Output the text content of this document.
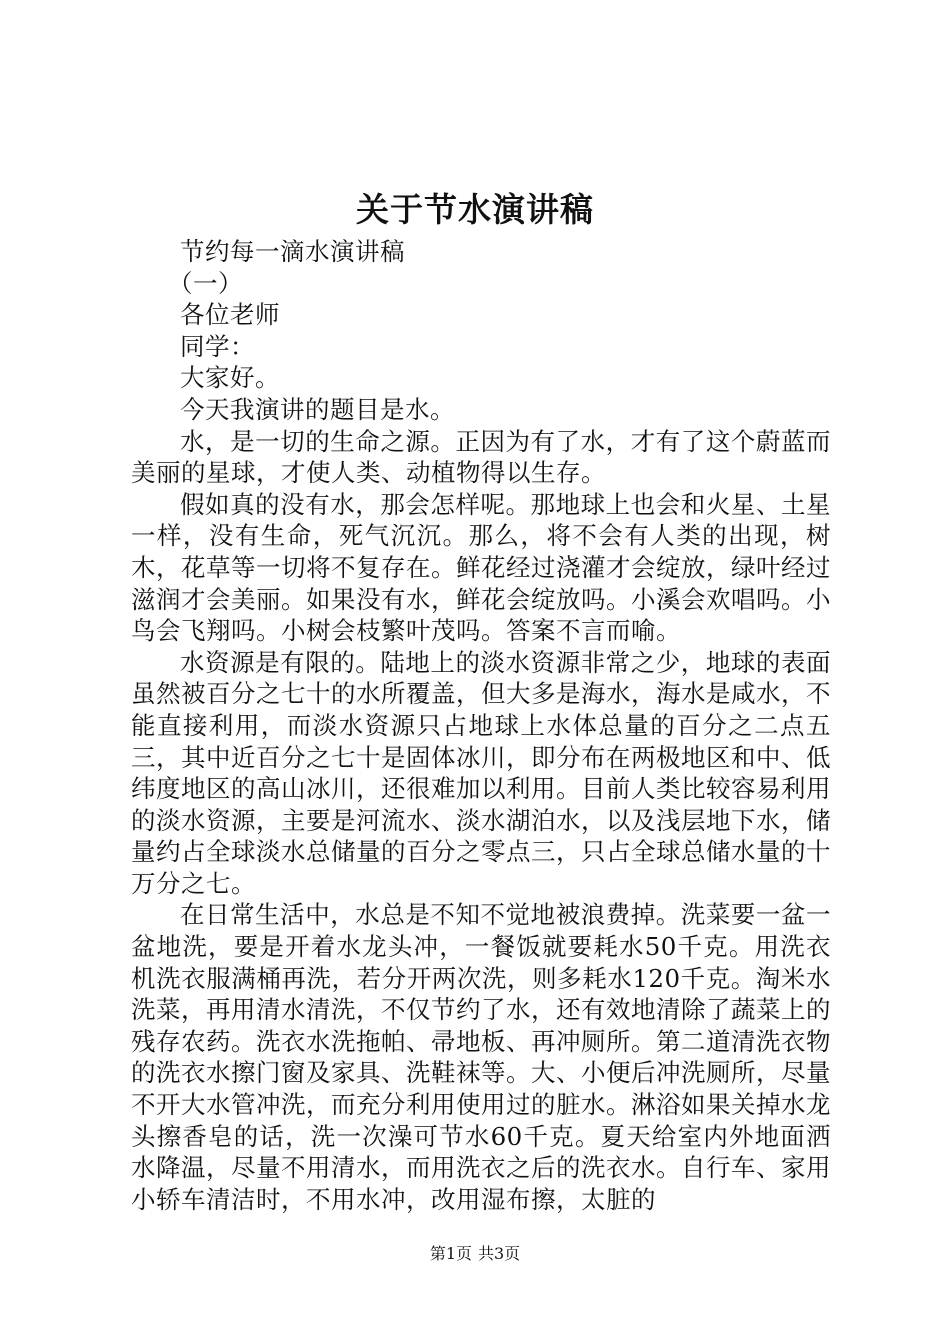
关于节水演讲稿
节约每一滴水演讲稿
（一）
各位老师
同学：
大家好。
今天我演讲的题目是水。
水，是一切的生命之源。正因为有了水，才有了这个蔚蓝而美丽的星球，才使人类、动植物得以生存。
假如真的没有水，那会怎样呢。那地球上也会和火星、土星一样，没有生命，死气沉沉。那么，将不会有人类的出现，树木，花草等一切将不复存在。鲜花经过浇灌才会绽放，绿叶经过滋润才会美丽。如果没有水，鲜花会绽放吗。小溪会欢唱吗。小鸟会飞翔吗。小树会枝繁叶茂吗。答案不言而喻。
水资源是有限的。陆地上的淡水资源非常之少，地球的表面虽然被百分之七十的水所覆盖，但大多是海水，海水是咸水，不能直接利用，而淡水资源只占地球上水体总量的百分之二点五三，其中近百分之七十是固体冰川，即分布在两极地区和中、低纬度地区的高山冰川，还很难加以利用。目前人类比较容易利用的淡水资源，主要是河流水、淡水湖泊水，以及浅层地下水，储量约占全球淡水总储量的百分之零点三，只占全球总储水量的十万分之七。
在日常生活中，水总是不知不觉地被浪费掉。洗菜要一盆一盆地洗，要是开着水龙头冲，一餐饭就要耗水50千克。用洗衣机洗衣服满桶再洗，若分开两次洗，则多耗水120千克。淘米水洗菜，再用清水清洗，不仅节约了水，还有效地清除了蔬菜上的残存农药。洗衣水洗拖帕、帚地板、再冲厕所。第二道清洗衣物的洗衣水擦门窗及家具、洗鞋袜等。大、小便后冲洗厕所，尽量不开大水管冲洗，而充分利用使用过的脏水。淋浴如果关掉水龙头擦香皂的话，洗一次澡可节水60千克。夏天给室内外地面洒水降温，尽量不用清水，而用洗衣之后的洗衣水。自行车、家用小轿车清洁时，不用水冲，改用湿布擦，太脏的
第1页 共3页
